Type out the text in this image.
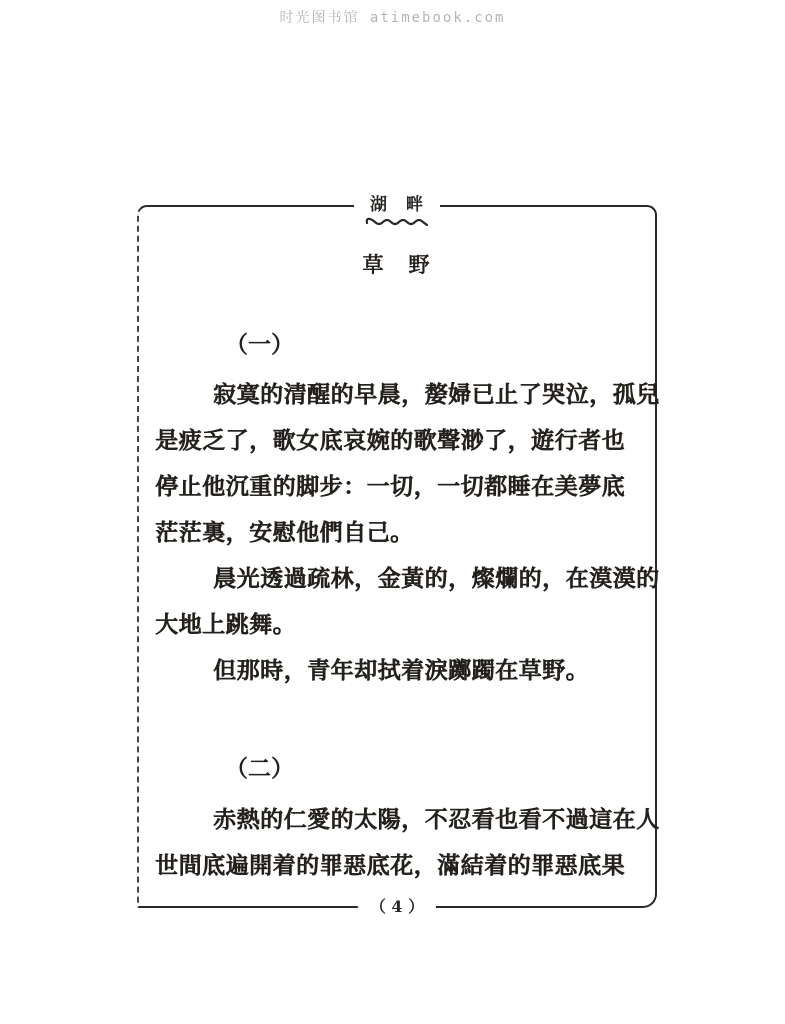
时光图书馆 atimebook.com
湖　畔
草　野
（一）
寂寞的清醒的早晨，嫠婦已止了哭泣，孤兒
是疲乏了，歌女底哀婉的歌聲渺了，遊行者也
停止他沉重的脚步：一切，一切都睡在美夢底
茫茫裏，安慰他們自己。
晨光透過疏林，金黃的，燦爛的，在漠漠的
大地上跳舞。
但那時，青年却拭着淚躑躅在草野。
（二）
赤熱的仁愛的太陽，不忍看也看不過這在人
世間底遍開着的罪惡底花，滿結着的罪惡底果
（ 4 ）
